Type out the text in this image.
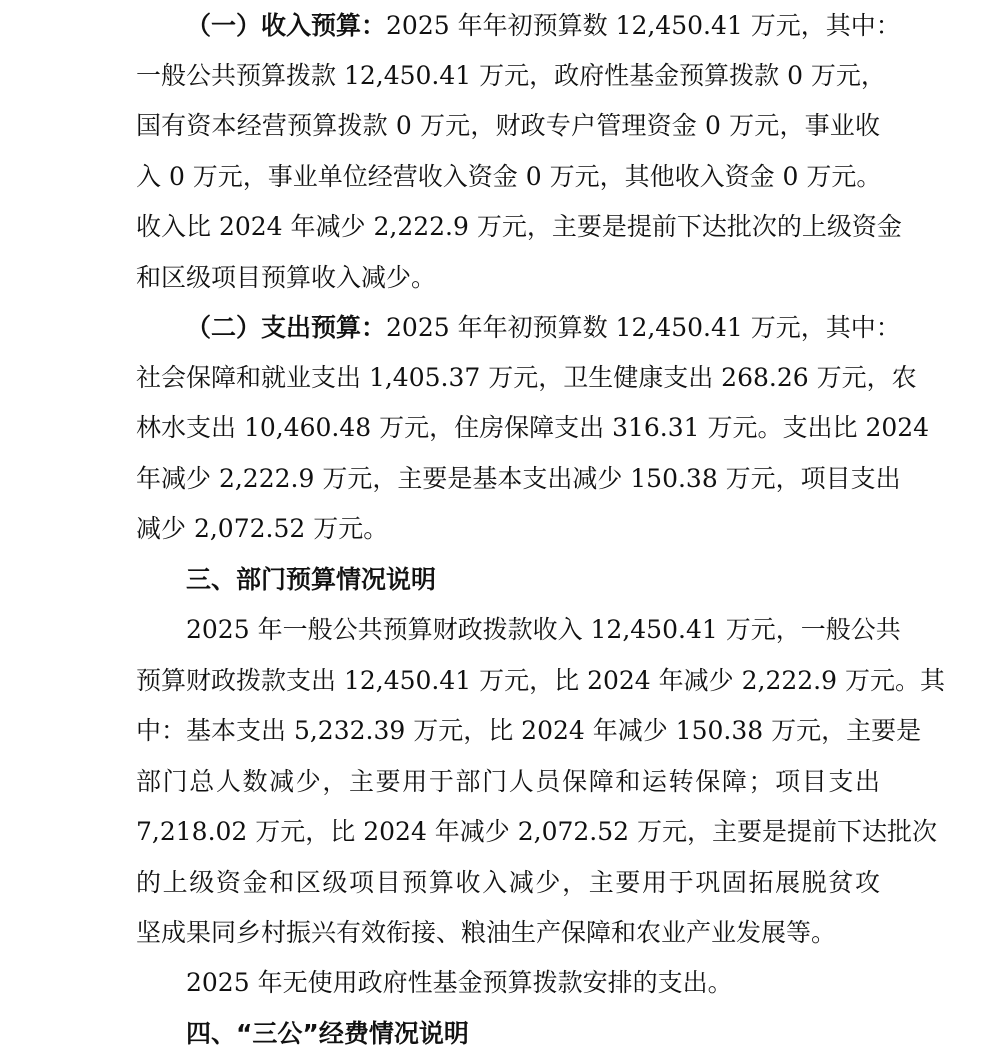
（一）收入预算：2025 年年初预算数 12,450.41 万元，其中：
一般公共预算拨款 12,450.41 万元，政府性基金预算拨款 0 万元，
国有资本经营预算拨款 0 万元，财政专户管理资金 0 万元，事业收
入 0 万元，事业单位经营收入资金 0 万元，其他收入资金 0 万元。
收入比 2024 年减少 2,222.9 万元，主要是提前下达批次的上级资金
和区级项目预算收入减少。
（二）支出预算：2025 年年初预算数 12,450.41 万元，其中：
社会保障和就业支出 1,405.37 万元，卫生健康支出 268.26 万元，农
林水支出 10,460.48 万元，住房保障支出 316.31 万元。支出比 2024
年减少 2,222.9 万元，主要是基本支出减少 150.38 万元，项目支出
减少 2,072.52 万元。
三、部门预算情况说明
2025 年一般公共预算财政拨款收入 12,450.41 万元，一般公共
预算财政拨款支出 12,450.41 万元，比 2024 年减少 2,222.9 万元。其
中：基本支出 5,232.39 万元，比 2024 年减少 150.38 万元，主要是
部门总人数减少，主要用于部门人员保障和运转保障；项目支出
7,218.02 万元，比 2024 年减少 2,072.52 万元，主要是提前下达批次
的上级资金和区级项目预算收入减少，主要用于巩固拓展脱贫攻
坚成果同乡村振兴有效衔接、粮油生产保障和农业产业发展等。
2025 年无使用政府性基金预算拨款安排的支出。
四、“三公”经费情况说明
